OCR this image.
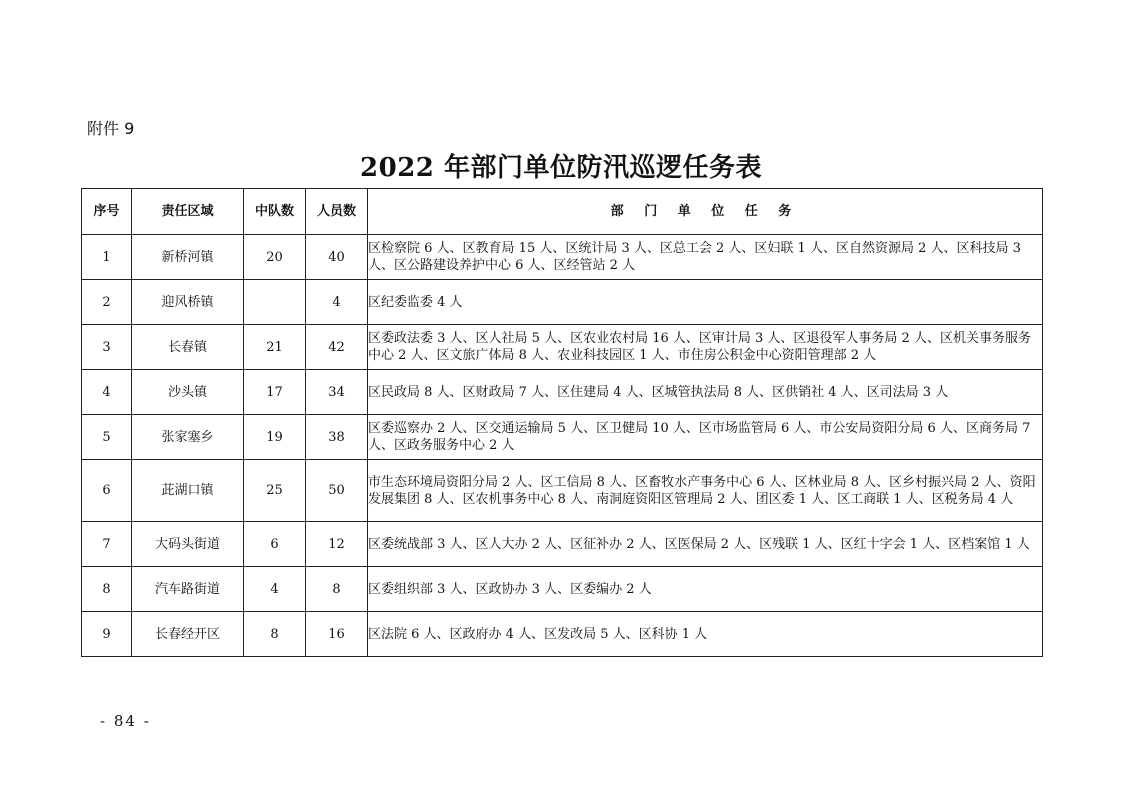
附件 9
2022 年部门单位防汛巡逻任务表
序号	责任区域	中队数	人员数	部 门 单 位 任 务
1	新桥河镇	20	40	区检察院 6 人、区教育局 15 人、区统计局 3 人、区总工会 2 人、区妇联 1 人、区自然资源局 2 人、区科技局 3 人、区公路建设养护中心 6 人、区经管站 2 人
2	迎风桥镇		4	区纪委监委 4 人
3	长春镇	21	42	区委政法委 3 人、区人社局 5 人、区农业农村局 16 人、区审计局 3 人、区退役军人事务局 2 人、区机关事务服务中心 2 人、区文旅广体局 8 人、农业科技园区 1 人、市住房公积金中心资阳管理部 2 人
4	沙头镇	17	34	区民政局 8 人、区财政局 7 人、区住建局 4 人、区城管执法局 8 人、区供销社 4 人、区司法局 3 人
5	张家塞乡	19	38	区委巡察办 2 人、区交通运输局 5 人、区卫健局 10 人、区市场监管局 6 人、市公安局资阳分局 6 人、区商务局 7 人、区政务服务中心 2 人
6	茈湖口镇	25	50	市生态环境局资阳分局 2 人、区工信局 8 人、区畜牧水产事务中心 6 人、区林业局 8 人、区乡村振兴局 2 人、资阳发展集团 8 人、区农机事务中心 8 人、南洞庭资阳区管理局 2 人、团区委 1 人、区工商联 1 人、区税务局 4 人
7	大码头街道	6	12	区委统战部 3 人、区人大办 2 人、区征补办 2 人、区医保局 2 人、区残联 1 人、区红十字会 1 人、区档案馆 1 人
8	汽车路街道	4	8	区委组织部 3 人、区政协办 3 人、区委编办 2 人
9	长春经开区	8	16	区法院 6 人、区政府办 4 人、区发改局 5 人、区科协 1 人
- 84 -
